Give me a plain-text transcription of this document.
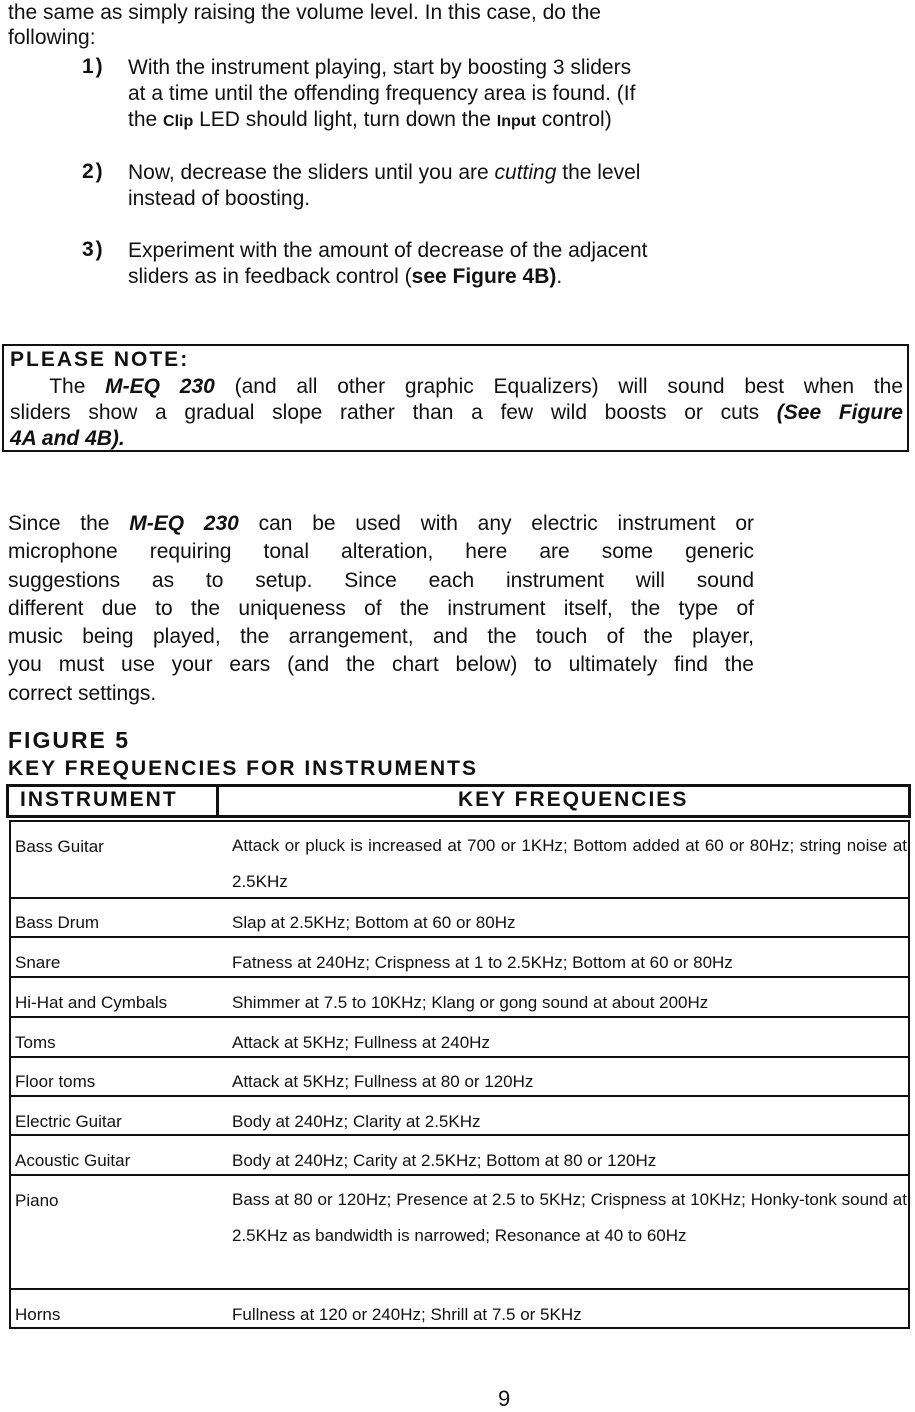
the same as simply raising the volume level. In this case, do the
following:
1) With the instrument playing, start by boosting 3 sliders
at a time until the offending frequency area is found. (If
the Clip LED should light, turn down the Input control)
2) Now, decrease the sliders until you are cutting the level
instead of boosting.
3) Experiment with the amount of decrease of the adjacent
sliders as in feedback control (see Figure 4B).
PLEASE NOTE:
The M-EQ 230 (and all other graphic Equalizers) will sound best when the
sliders show a gradual slope rather than a few wild boosts or cuts (See Figure
4A and 4B).
Since the M-EQ 230 can be used with any electric instrument or
microphone requiring tonal alteration, here are some generic
suggestions as to setup. Since each instrument will sound
different due to the uniqueness of the instrument itself, the type of
music being played, the arrangement, and the touch of the player,
you must use your ears (and the chart below) to ultimately find the
correct settings.
FIGURE 5
KEY FREQUENCIES FOR INSTRUMENTS
INSTRUMENT	KEY FREQUENCIES
Bass Guitar	Attack or pluck is increased at 700 or 1KHz; Bottom added at 60 or 80Hz; string noise at 2.5KHz
Bass Drum	Slap at 2.5KHz; Bottom at 60 or 80Hz
Snare	Fatness at 240Hz; Crispness at 1 to 2.5KHz; Bottom at 60 or 80Hz
Hi-Hat and Cymbals	Shimmer at 7.5 to 10KHz; Klang or gong sound at about 200Hz
Toms	Attack at 5KHz; Fullness at 240Hz
Floor toms	Attack at 5KHz; Fullness at 80 or 120Hz
Electric Guitar	Body at 240Hz; Clarity at 2.5KHz
Acoustic Guitar	Body at 240Hz; Carity at 2.5KHz; Bottom at 80 or 120Hz
Piano	Bass at 80 or 120Hz; Presence at 2.5 to 5KHz; Crispness at 10KHz; Honky-tonk sound at 2.5KHz as bandwidth is narrowed; Resonance at 40 to 60Hz
Horns	Fullness at 120 or 240Hz; Shrill at 7.5 or 5KHz
9
